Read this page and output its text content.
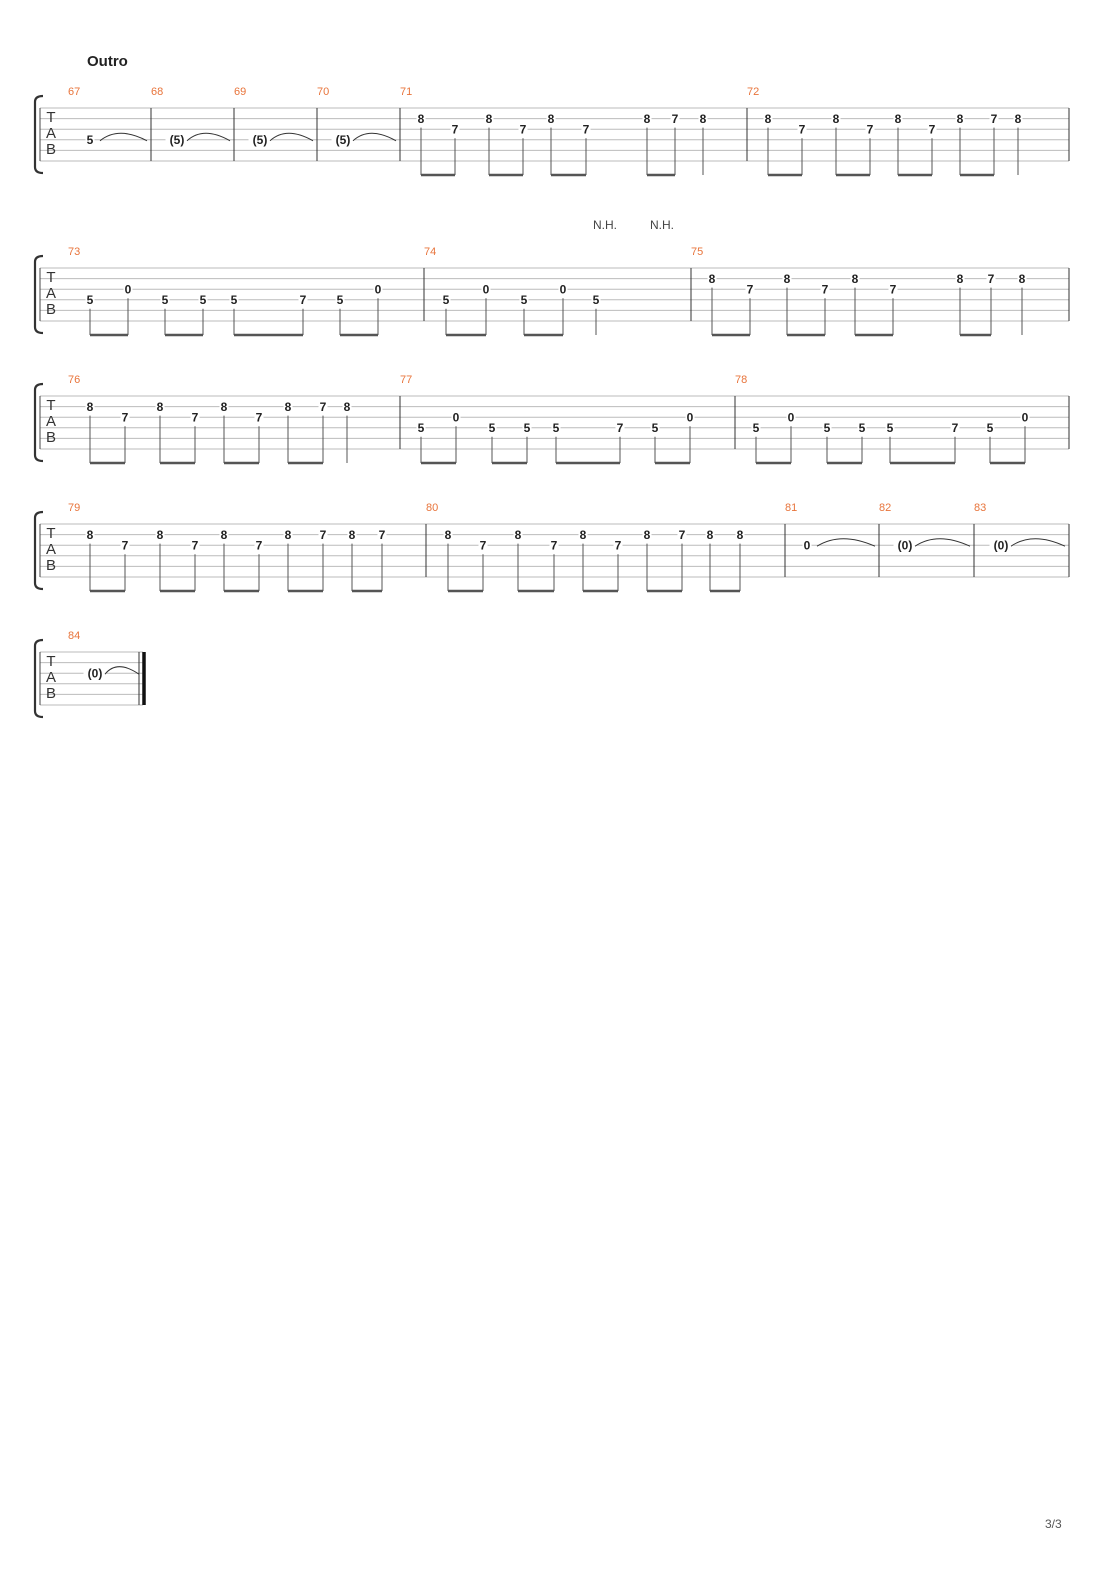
Outro
T
A
B
67
5
68
(5)
69
(5)
70
(5)
71
8
7
8
7
8
7
8 7 8
72
8
7
8
7
8
7
8 7 8
T
A
B
N.H.	N.H.
73
5
0
5	5 5	7	5
0
74
5
0
5
0
5
75
8
7
8
7
8
7
8 7 8
T
A
B
76
8
7
8
7
8
7
8 7 8
77
5
0
5 5 5	7 5
0
78
5
0
5 5 5	7 5
0
T
A
B
79
8
7
8
7
8
7
8 7 8 7
80
8
7
8
7
8
7
8 7 8 8
81
0
82
(0)
83
(0)
T
A
B
84
(0)
3/3
